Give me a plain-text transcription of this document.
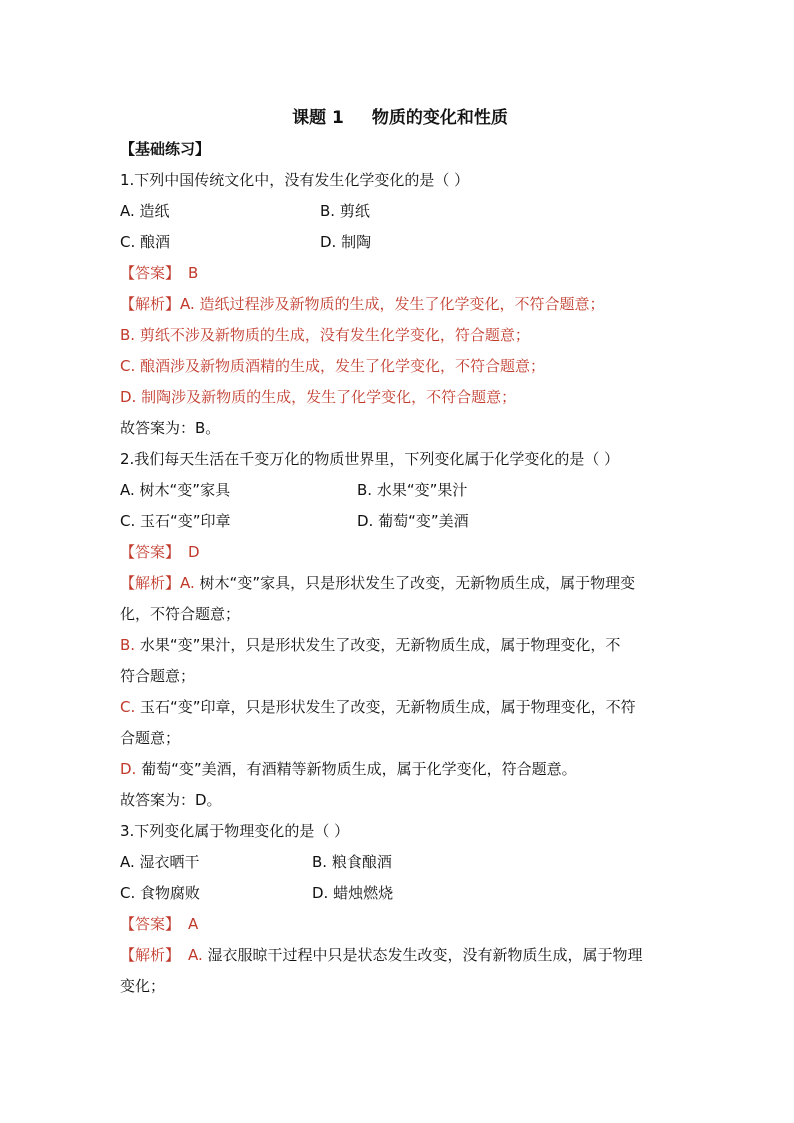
课题 1 物质的变化和性质
【基础练习】
1.下列中国传统文化中，没有发生化学变化的是（ ）
A. 造纸	B. 剪纸
C. 酿酒	D. 制陶
【答案】 B
【解析】A. 造纸过程涉及新物质的生成，发生了化学变化，不符合题意；
B. 剪纸不涉及新物质的生成，没有发生化学变化，符合题意；
C. 酿酒涉及新物质酒精的生成，发生了化学变化，不符合题意；
D. 制陶涉及新物质的生成，发生了化学变化，不符合题意；
故答案为：B。
2.我们每天生活在千变万化的物质世界里，下列变化属于化学变化的是（ ）
A. 树木“变”家具	B. 水果“变”果汁
C. 玉石“变”印章	D. 葡萄“变”美酒
【答案】 D
【解析】A. 树木“变”家具，只是形状发生了改变，无新物质生成，属于物理变
化，不符合题意；
B. 水果“变”果汁，只是形状发生了改变，无新物质生成，属于物理变化，不
符合题意；
C. 玉石“变”印章，只是形状发生了改变，无新物质生成，属于物理变化，不符
合题意；
D. 葡萄“变”美酒，有酒精等新物质生成，属于化学变化，符合题意。
故答案为：D。
3.下列变化属于物理变化的是（ ）
A. 湿衣晒干	B. 粮食酿酒
C. 食物腐败	D. 蜡烛燃烧
【答案】 A
【解析】 A. 湿衣服晾干过程中只是状态发生改变，没有新物质生成，属于物理
变化；
